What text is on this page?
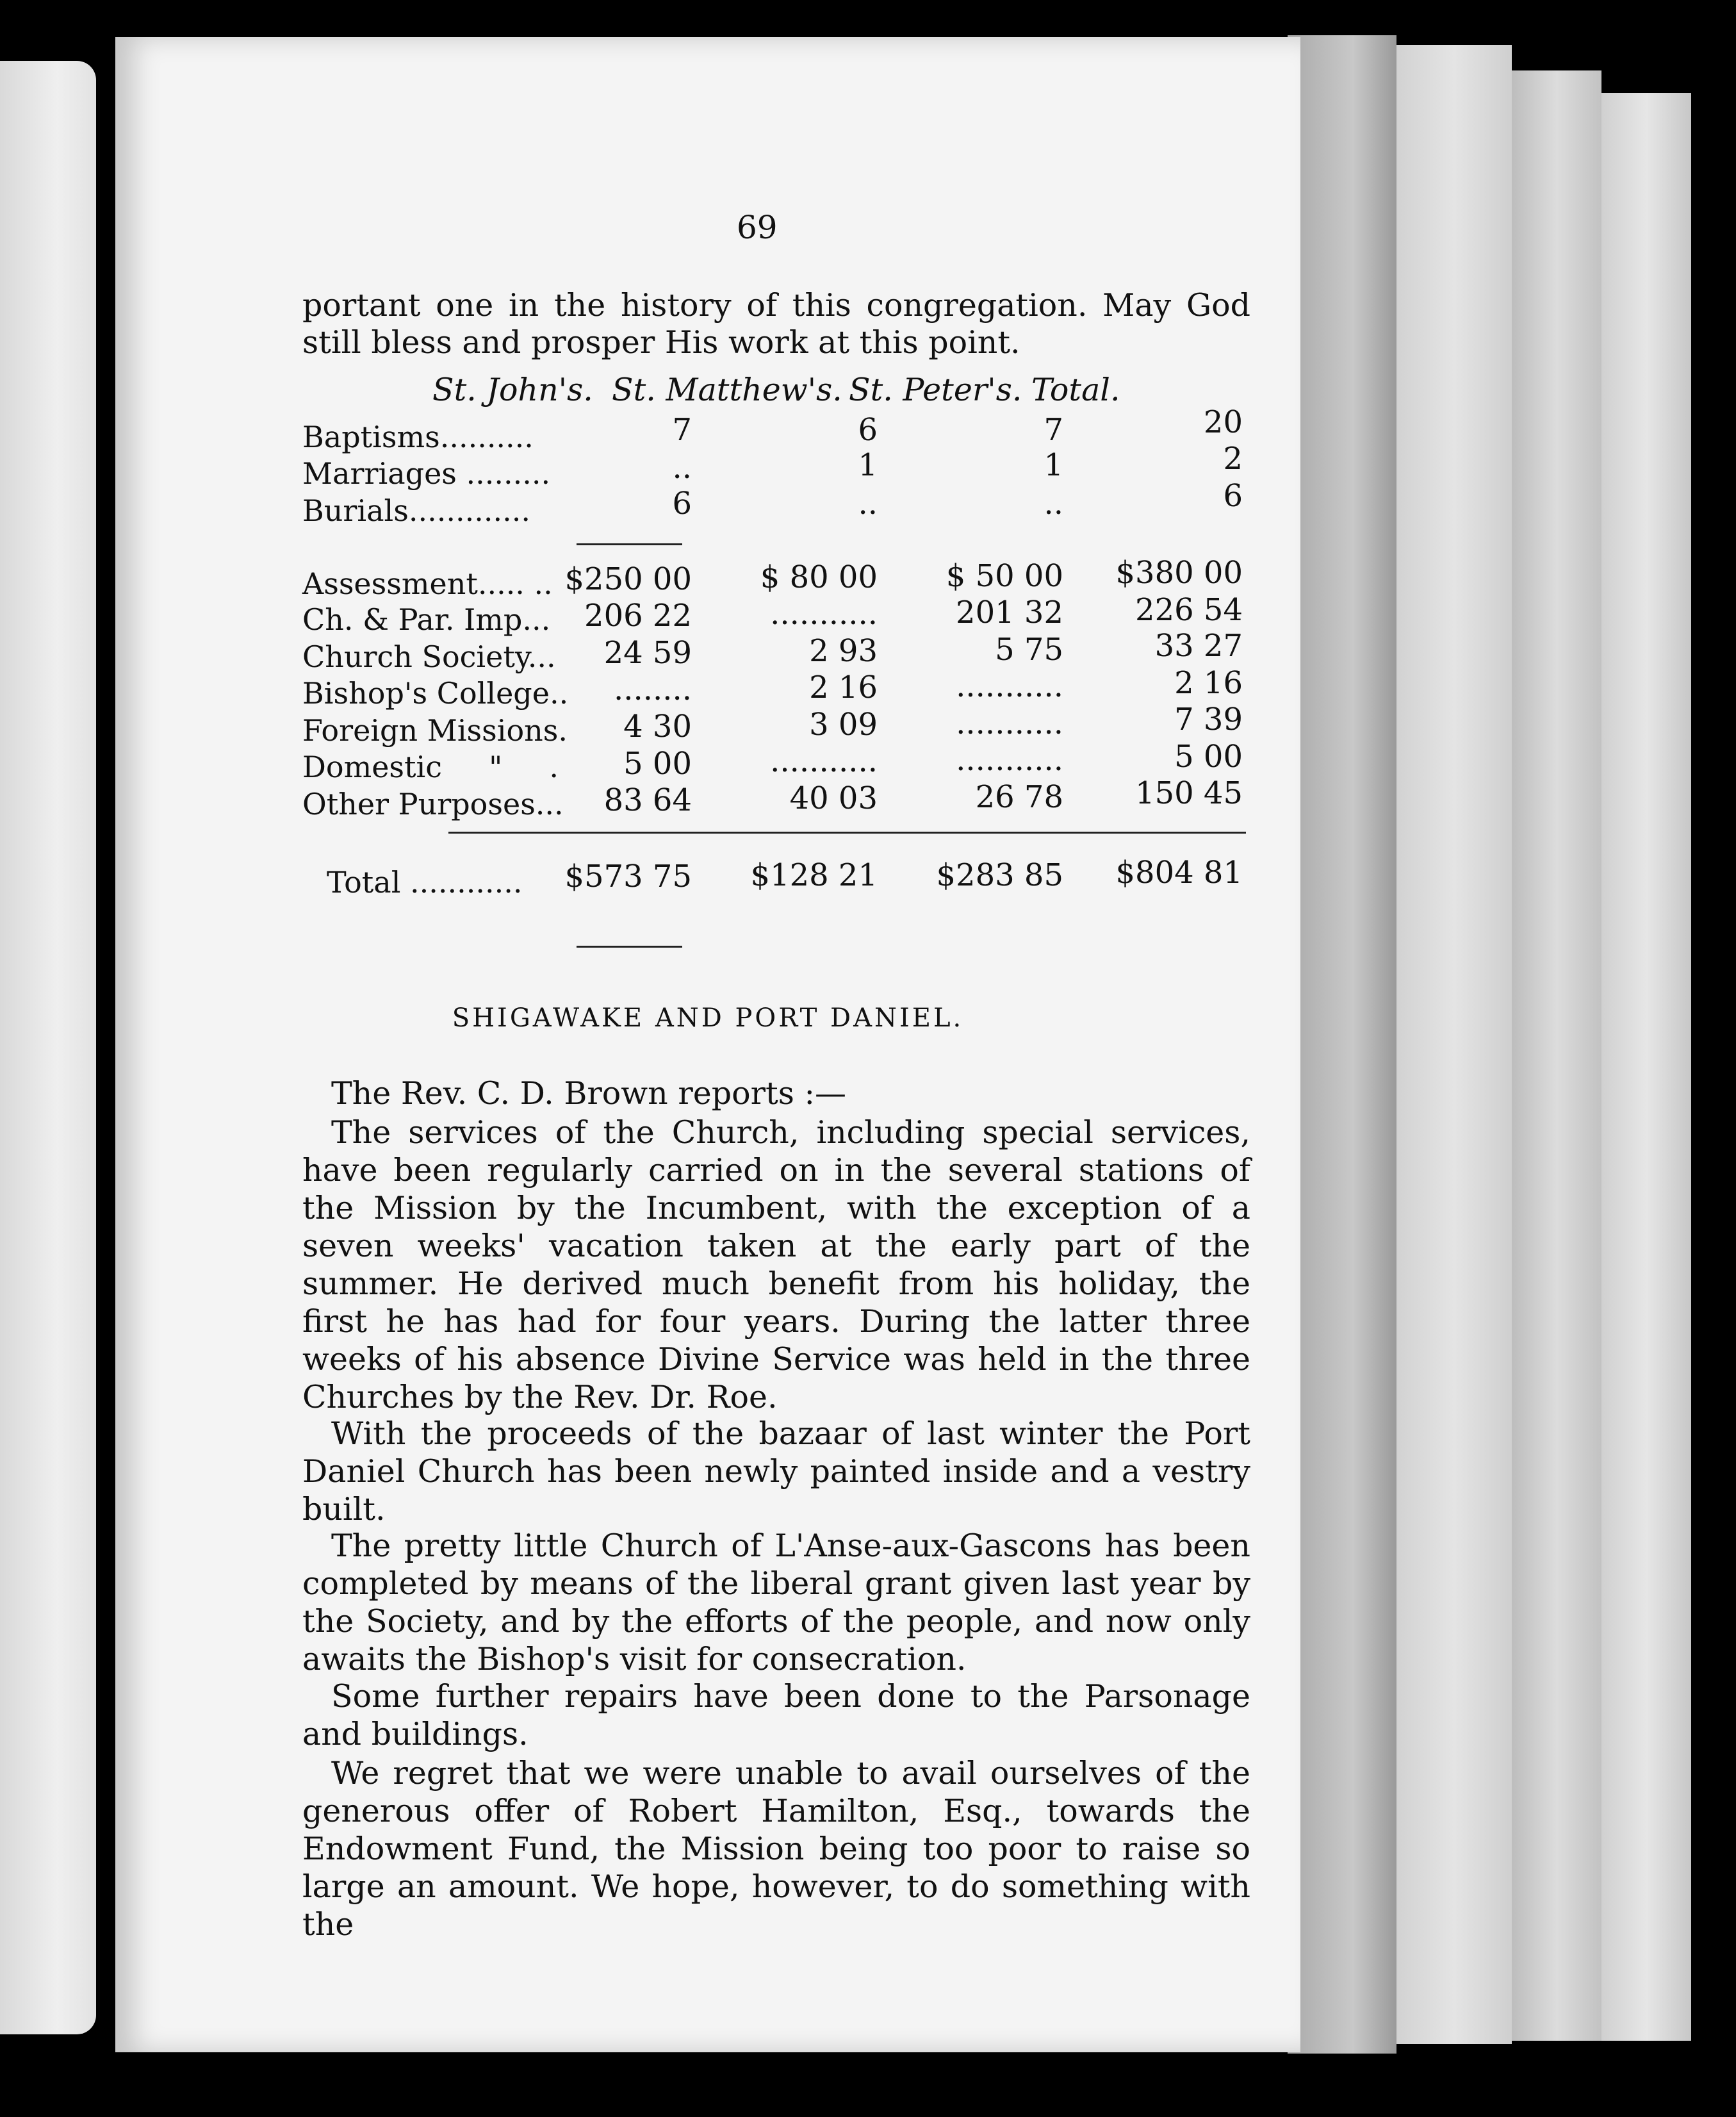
69
portant one in the history of this congregation. May God
still bless and prosper His work at this point.
St. John's. St. Matthew's. St. Peter's. Total.
Baptisms..........	7	6	7	20
Marriages .........	..	1	1	2
Burials.............	6	..	..	6
Assessment..... .. $250 00	$ 80 00	$ 50 00	$380 00
Ch. & Par. Imp...	206 22	...........	201 32	226 54
Church Society...	24 59	2 93	5 75	33 27
Bishop's College..	........	2 16	...........	2 16
Foreign Missions.	4 30	3 09	...........	7 39
Domestic     "     .	5 00	...........	...........	5 00
Other Purposes...	83 64	40 03	26 78	150 45
Total ............	$573 75	$128 21	$283 85	$804 81
SHIGAWAKE AND PORT DANIEL.
The Rev. C. D. Brown reports :—
The services of the Church, including special services, have been regularly carried on in the several stations of the Mission by the Incumbent, with the exception of a seven weeks' vacation taken at the early part of the summer. He derived much benefit from his holiday, the first he has had for four years. During the latter three weeks of his absence Divine Service was held in the three Churches by the Rev. Dr. Roe.
With the proceeds of the bazaar of last winter the Port Daniel Church has been newly painted inside and a vestry built.
The pretty little Church of L'Anse-aux-Gascons has been completed by means of the liberal grant given last year by the Society, and by the efforts of the people, and now only awaits the Bishop's visit for consecration.
Some further repairs have been done to the Parsonage and buildings.
We regret that we were unable to avail ourselves of the generous offer of Robert Hamilton, Esq., towards the Endowment Fund, the Mission being too poor to raise so large an amount. We hope, however, to do something with the
